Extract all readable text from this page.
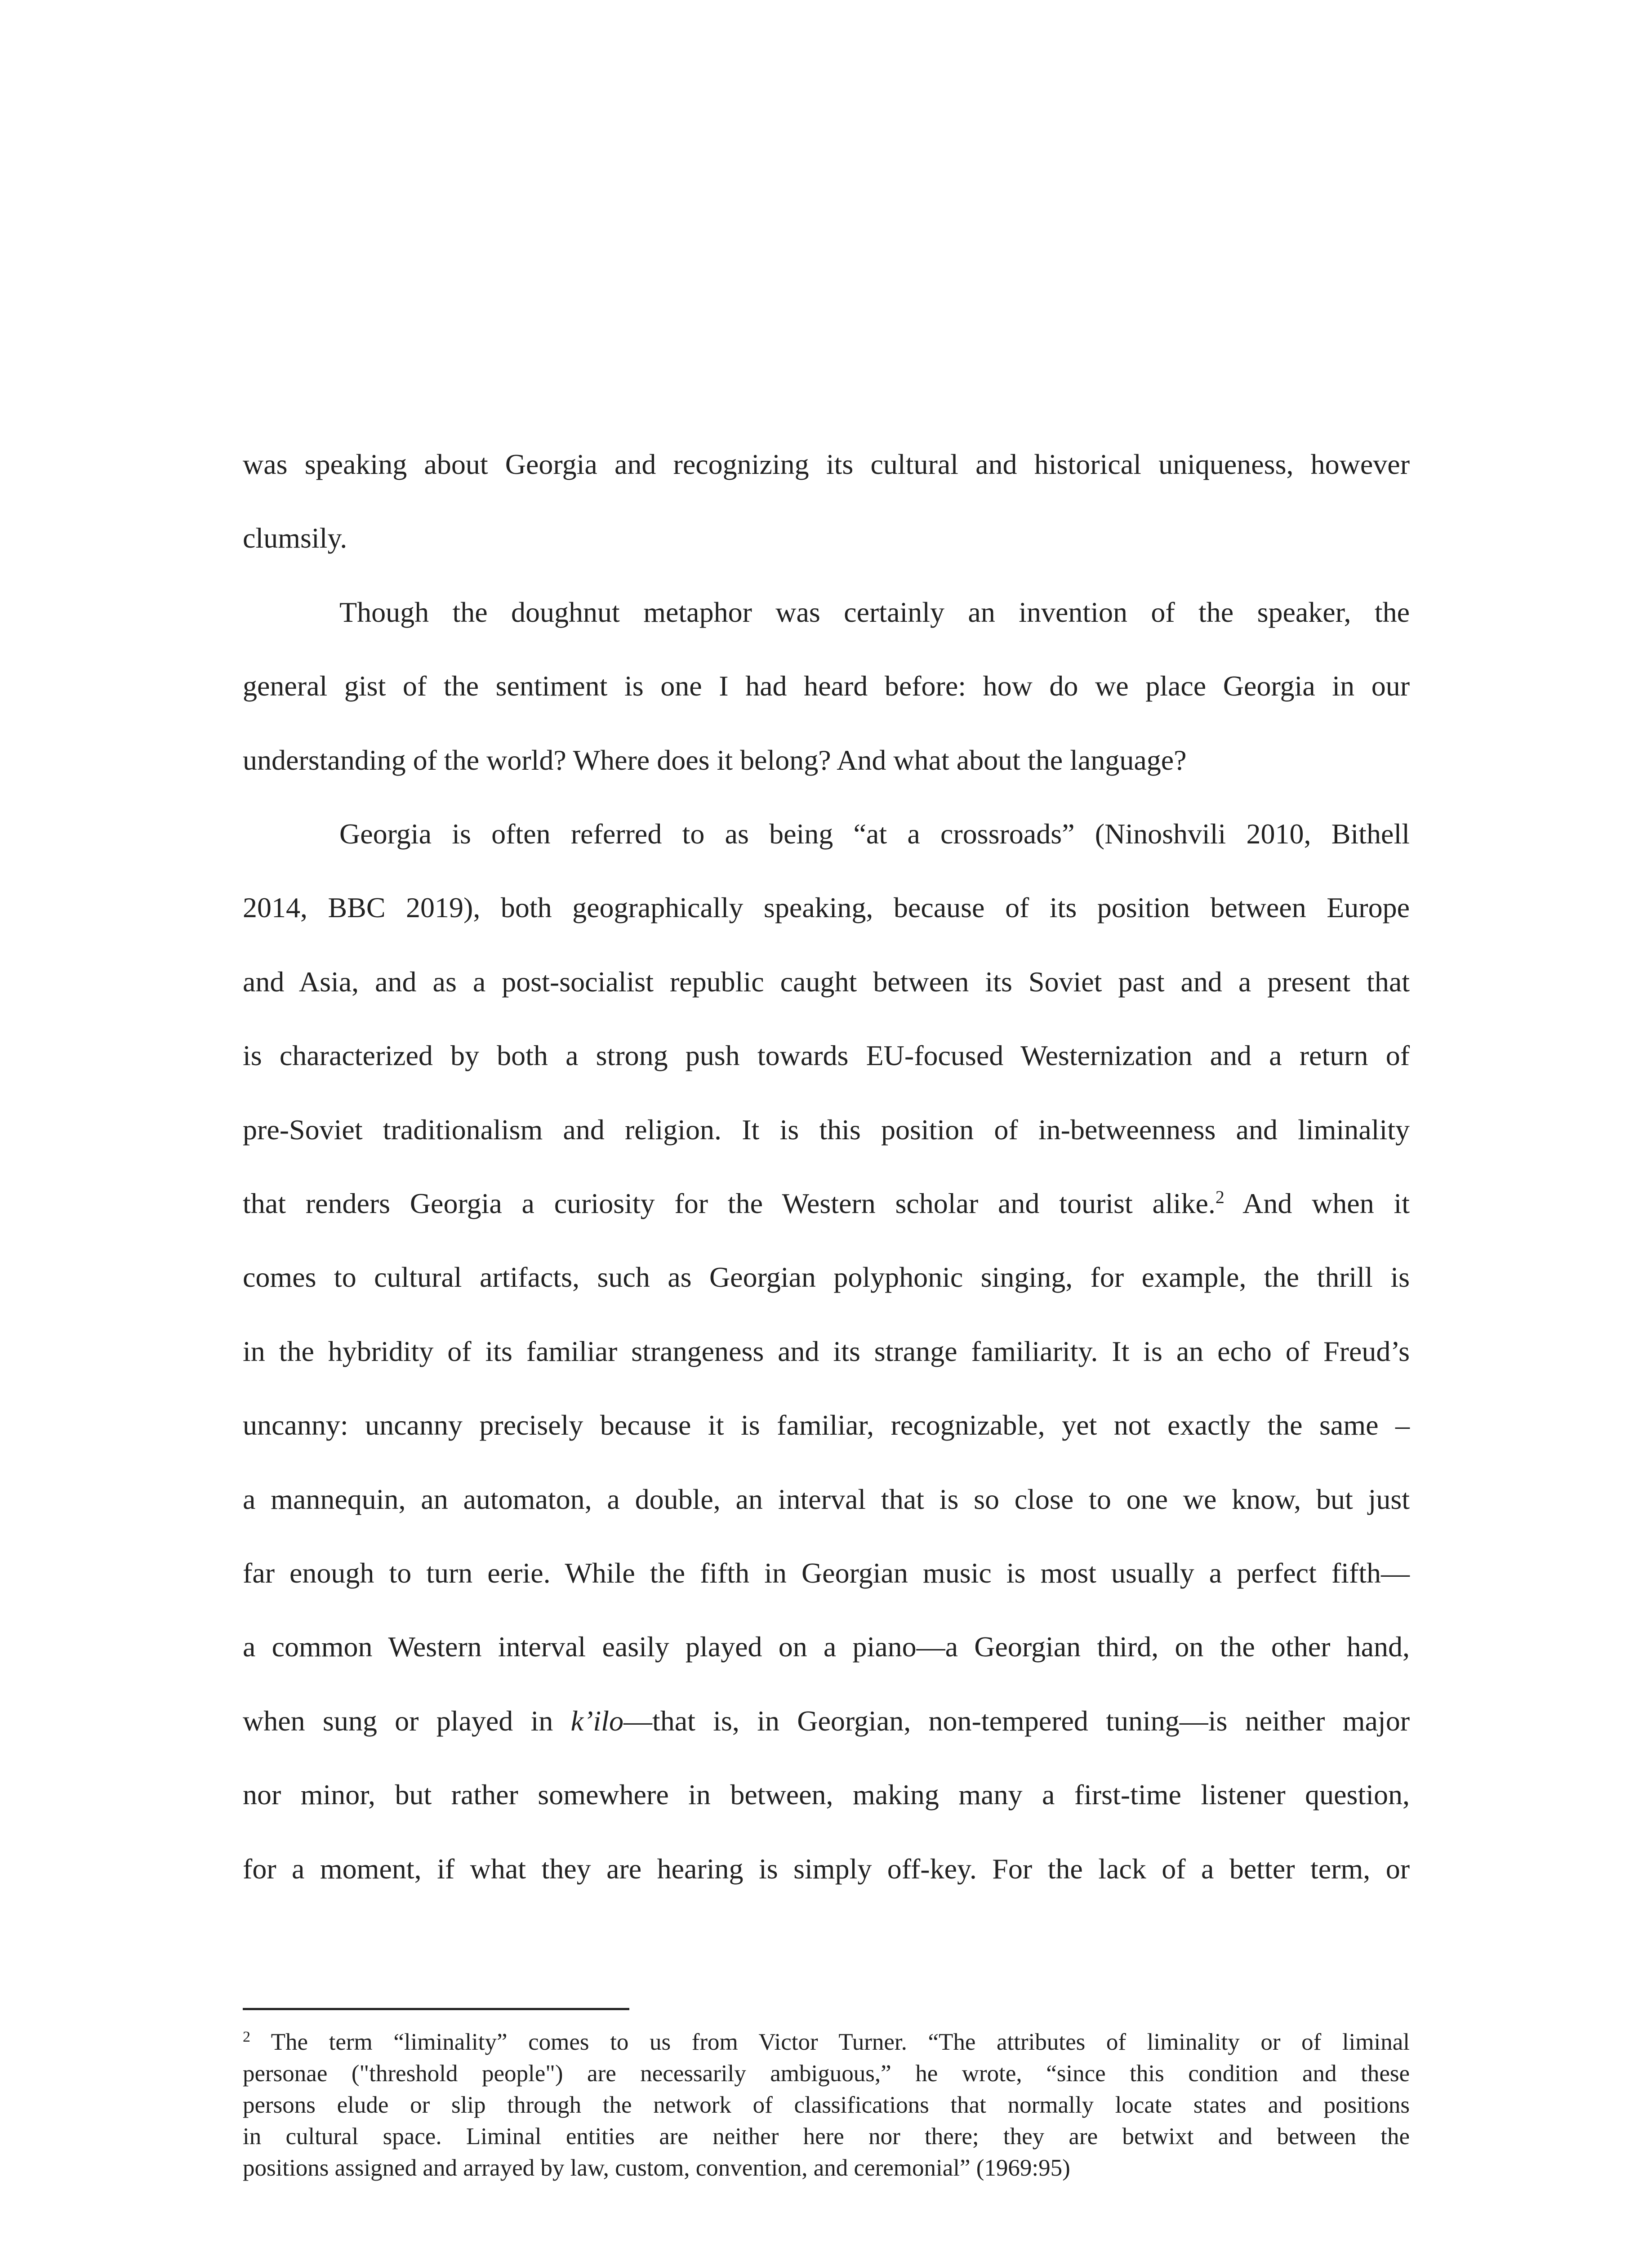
was speaking about Georgia and recognizing its cultural and historical uniqueness, however
clumsily.
Though the doughnut metaphor was certainly an invention of the speaker, the
general gist of the sentiment is one I had heard before: how do we place Georgia in our
understanding of the world? Where does it belong? And what about the language?
Georgia is often referred to as being “at a crossroads” (Ninoshvili 2010, Bithell
2014, BBC 2019), both geographically speaking, because of its position between Europe
and Asia, and as a post-socialist republic caught between its Soviet past and a present that
is characterized by both a strong push towards EU-focused Westernization and a return of
pre-Soviet traditionalism and religion. It is this position of in-betweenness and liminality
that renders Georgia a curiosity for the Western scholar and tourist alike.$^2$ And when it
comes to cultural artifacts, such as Georgian polyphonic singing, for example, the thrill is
in the hybridity of its familiar strangeness and its strange familiarity. It is an echo of Freud’s
uncanny: uncanny precisely because it is familiar, recognizable, yet not exactly the same –
a mannequin, an automaton, a double, an interval that is so close to one we know, but just
far enough to turn eerie. While the fifth in Georgian music is most usually a perfect fifth—
a common Western interval easily played on a piano—a Georgian third, on the other hand,
when sung or played in k’ilo—that is, in Georgian, non-tempered tuning—is neither major
nor minor, but rather somewhere in between, making many a first-time listener question,
for a moment, if what they are hearing is simply off-key. For the lack of a better term, or
$^2$ The term “liminality” comes to us from Victor Turner. “The attributes of liminality or of liminal
personae ("threshold people") are necessarily ambiguous,” he wrote, “since this condition and these
persons elude or slip through the network of classifications that normally locate states and positions
in cultural space. Liminal entities are neither here nor there; they are betwixt and between the
positions assigned and arrayed by law, custom, convention, and ceremonial” (1969:95)
